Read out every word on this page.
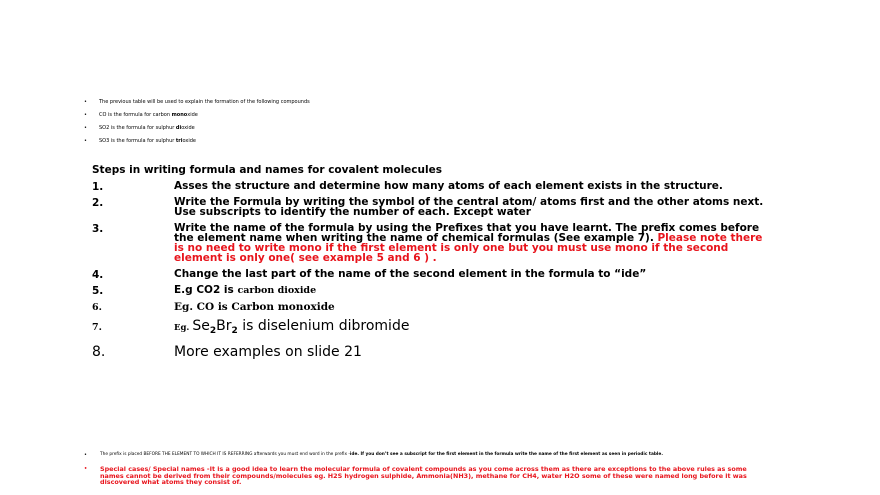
• The previous table will be used to explain the formation of the following compounds
• CO is the formula for carbon monoxide
• SO2 is the formula for sulphur dioxide
• SO3 is the formula for sulphur trioxide
Steps in writing formula and names for covalent molecules
1.	Asses the structure and determine how many atoms of each element exists in the structure.
2.	Write the Formula by writing the symbol of the central atom/ atoms first and the other atoms next. Use subscripts to identify the number of each. Except water
3.	Write the name of the formula by using the Prefixes that you have learnt. The prefix comes before the element name when writing the name of chemical formulas (See example 7). Please note there is no need to write mono if the first element is only one but you must use mono if the second element is only one( see example 5 and 6 ) .
4.	Change the last part of the name of the second element in the formula to “ide”
5.	E.g CO2 is carbon dioxide
6.	Eg. CO is Carbon monoxide
7.	Eg. $Se_2Br_2$ is diselenium dibromide
8.	More examples on slide 21
•	The prefix is placed BEFORE THE ELEMENT TO WHICH IT IS REFERRING afterwards you must end word in the prefix -ide. If you don’t see a subscript for the first element in the formula write the name of the first element as seen in periodic table.
• Special cases/ Special names -It is a good idea to learn the molecular formula of covalent compounds as you come across them as there are exceptions to the above rules as some names cannot be derived from their compounds/molecules eg. H2S hydrogen sulphide, Ammonia(NH3), methane for CH4, water H2O some of these were named long before it was discovered what atoms they consist of.
